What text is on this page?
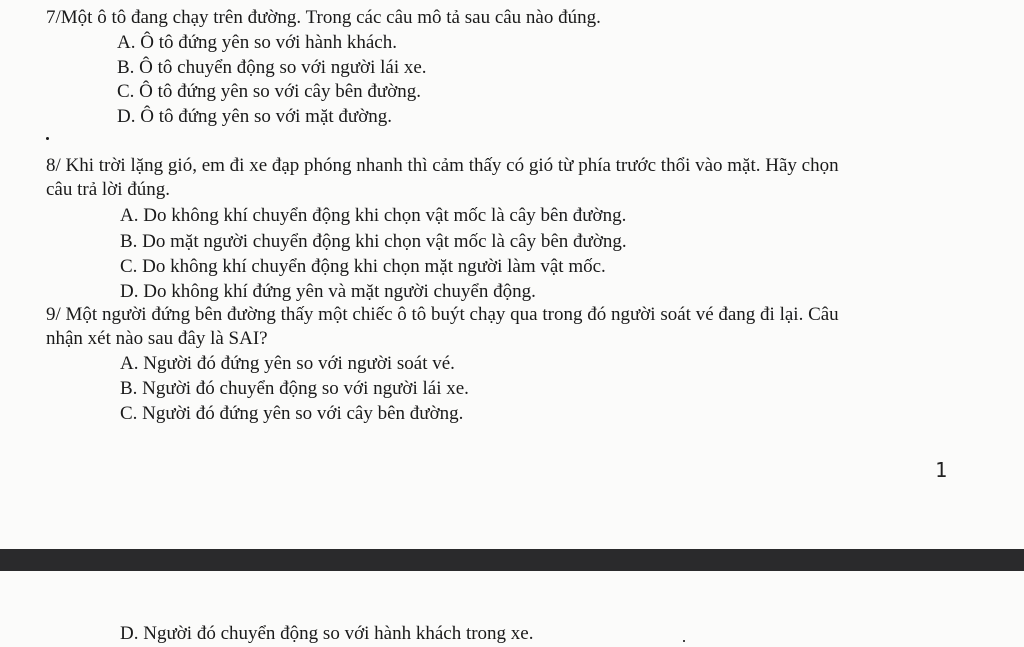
7/Một ô tô đang chạy trên đường. Trong các câu mô tả sau câu nào đúng.
A. Ô tô đứng yên so với hành khách.
B. Ô tô chuyển động so với người lái xe.
C. Ô tô đứng yên so với cây bên đường.
D. Ô tô đứng yên so với mặt đường.
8/ Khi trời lặng gió, em đi xe đạp phóng nhanh thì cảm thấy có gió từ phía trước thổi vào mặt. Hãy chọn
câu trả lời đúng.
A. Do không khí chuyển động khi chọn vật mốc là cây bên đường.
B. Do mặt người chuyển động khi chọn vật mốc là cây bên đường.
C. Do không khí chuyển động khi chọn mặt người làm vật mốc.
D. Do không khí đứng yên và mặt người chuyển động.
9/ Một người đứng bên đường thấy một chiếc ô tô buýt chạy qua trong đó người soát vé đang đi lại. Câu
nhận xét nào sau đây là SAI?
A. Người đó đứng yên so với người soát vé.
B. Người đó chuyển động so với người lái xe.
C. Người đó đứng yên so với cây bên đường.
1
D. Người đó chuyển động so với hành khách trong xe.
